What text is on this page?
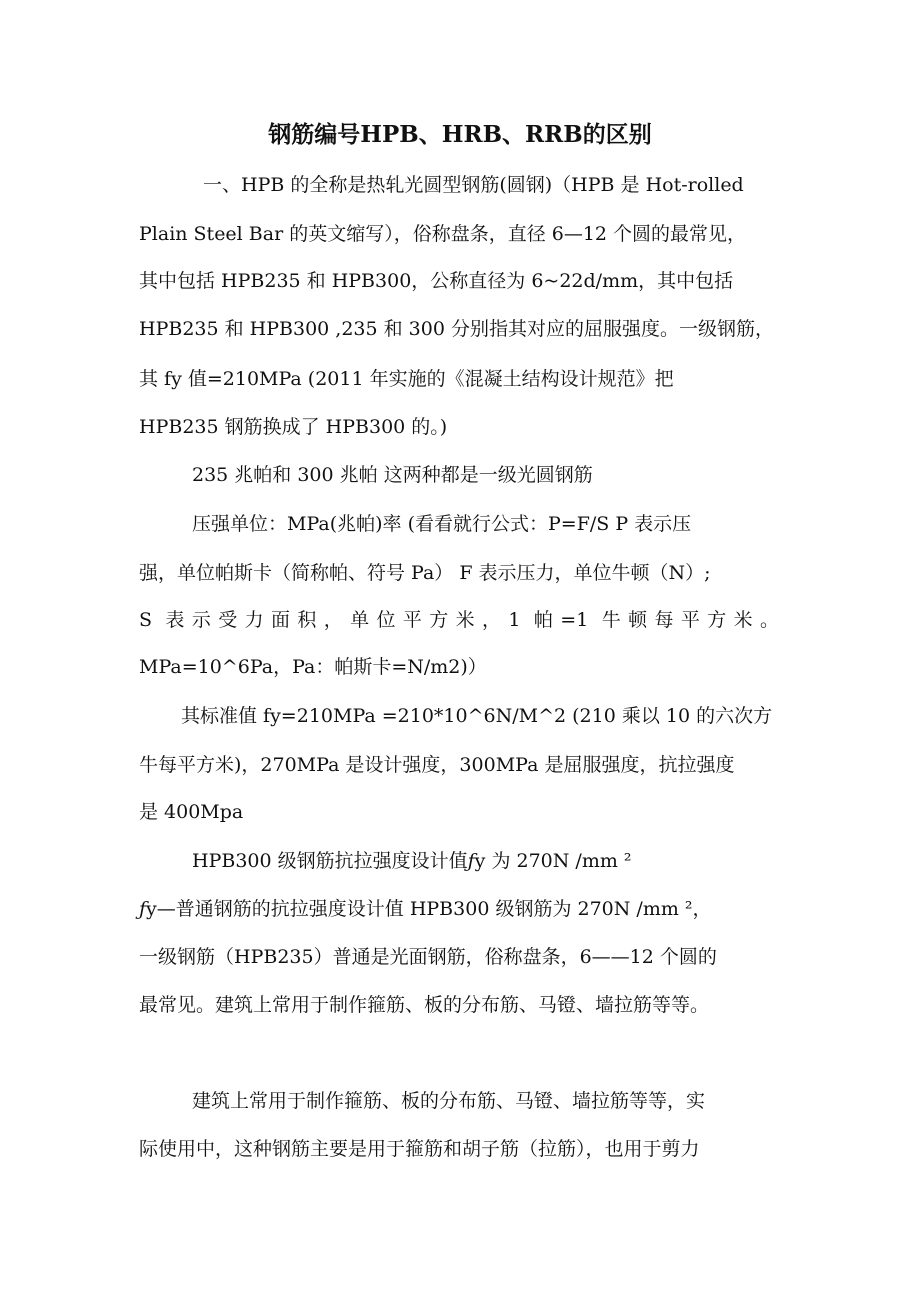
钢筋编号HPB、HRB、RRB的区别
一、HPB 的全称是热轧光圆型钢筋(圆钢)（HPB 是 Hot-rolled
Plain Steel Bar 的英文缩写），俗称盘条，直径 6—12 个圆的最常见，
其中包括 HPB235 和 HPB300，公称直径为 6~22d/mm，其中包括
HPB235 和 HPB300 ,235 和 300 分别指其对应的屈服强度。一级钢筋，
其 fy 值=210MPa (2011 年实施的《混凝土结构设计规范》把
HPB235 钢筋换成了 HPB300 的。)
235 兆帕和 300 兆帕 这两种都是一级光圆钢筋
压强单位：MPa(兆帕)率 (看看就行公式：P=F/S P 表示压
强，单位帕斯卡（简称帕、符号 Pa） F 表示压力，单位牛顿（N）;
S 表示受力面积，单位平方米，1 帕=1 牛顿每平方米。
MPa=10^6Pa，Pa：帕斯卡=N/m2)）
其标准值 fy=210MPa =210*10^6N/M^2 (210 乘以 10 的六次方
牛每平方米)，270MPa 是设计强度，300MPa 是屈服强度，抗拉强度
是 400Mpa
HPB300 级钢筋抗拉强度设计值ƒy 为 270N /mm ²
ƒy—普通钢筋的抗拉强度设计值 HPB300 级钢筋为 270N /mm ²，
一级钢筋（HPB235）普通是光面钢筋，俗称盘条，6——12 个圆的
最常见。建筑上常用于制作箍筋、板的分布筋、马镫、墙拉筋等等。
建筑上常用于制作箍筋、板的分布筋、马镫、墙拉筋等等，实
际使用中，这种钢筋主要是用于箍筋和胡子筋（拉筋），也用于剪力
